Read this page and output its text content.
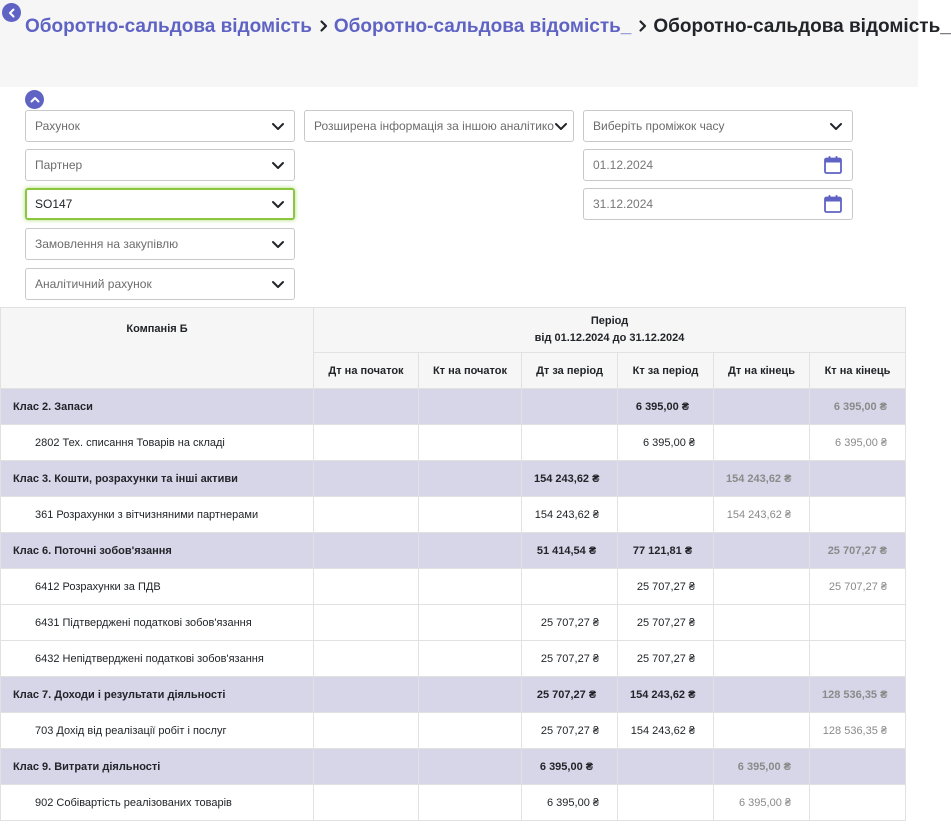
Оборотно-сальдова відомість Оборотно-сальдова відомість_ Оборотно-сальдова відомість_
Рахунок
Партнер
SO147
Замовлення на закупівлю
Аналітичний рахунок
Розширена інформація за іншою аналітико	Виберіть проміжок часу
01.12.2024
31.12.2024
Компанія Б	Період
від 01.12.2024 до 31.12.2024					

	Дт на початок	Кт на початок	Дт за період	Кт за період	Дт на кінець	Кт на кінець
Клас 2. Запаси				6 395,00 ₴		6 395,00 ₴
2802 Тех. списання Товарів на складі				6 395,00 ₴		6 395,00 ₴
Клас 3. Кошти, розрахунки та інші активи			154 243,62 ₴		154 243,62 ₴	
361 Розрахунки з вітчизняними партнерами			154 243,62 ₴		154 243,62 ₴	
Клас 6. Поточні зобов'язання			51 414,54 ₴	77 121,81 ₴		25 707,27 ₴
6412 Розрахунки за ПДВ				25 707,27 ₴		25 707,27 ₴
6431 Підтверджені податкові зобов'язання			25 707,27 ₴	25 707,27 ₴		
6432 Непідтверджені податкові зобов'язання			25 707,27 ₴	25 707,27 ₴		
Клас 7. Доходи і результати діяльності			25 707,27 ₴	154 243,62 ₴		128 536,35 ₴
703 Дохід від реалізації робіт і послуг			25 707,27 ₴	154 243,62 ₴		128 536,35 ₴
Клас 9. Витрати діяльності			6 395,00 ₴		6 395,00 ₴	
902 Собівартість реалізованих товарів			6 395,00 ₴		6 395,00 ₴	
